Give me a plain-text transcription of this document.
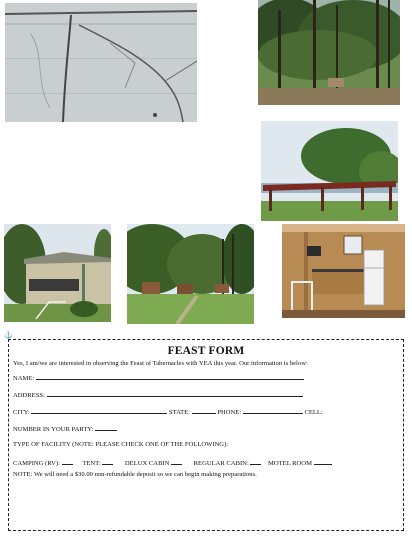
⚓
FEAST FORM
Yes, I am/we are interested in observing the Feast of Tabernacles with YEA this year. Our information is below:
NAME:
ADDRESS:
CITY:	STATE:	PHONE:	CELL:
NUMBER IN YOUR PARTY:
TYPE OF FACILITY (NOTE: PLEASE CHECK ONE OF THE FOLLOWING):
CAMPING (RV):	TENT:	DELUX CABIN	REGULAR CABIN:	MOTEL ROOM
NOTE: We will need a $30.00 non-refundable deposit so we can begin making preparations.
